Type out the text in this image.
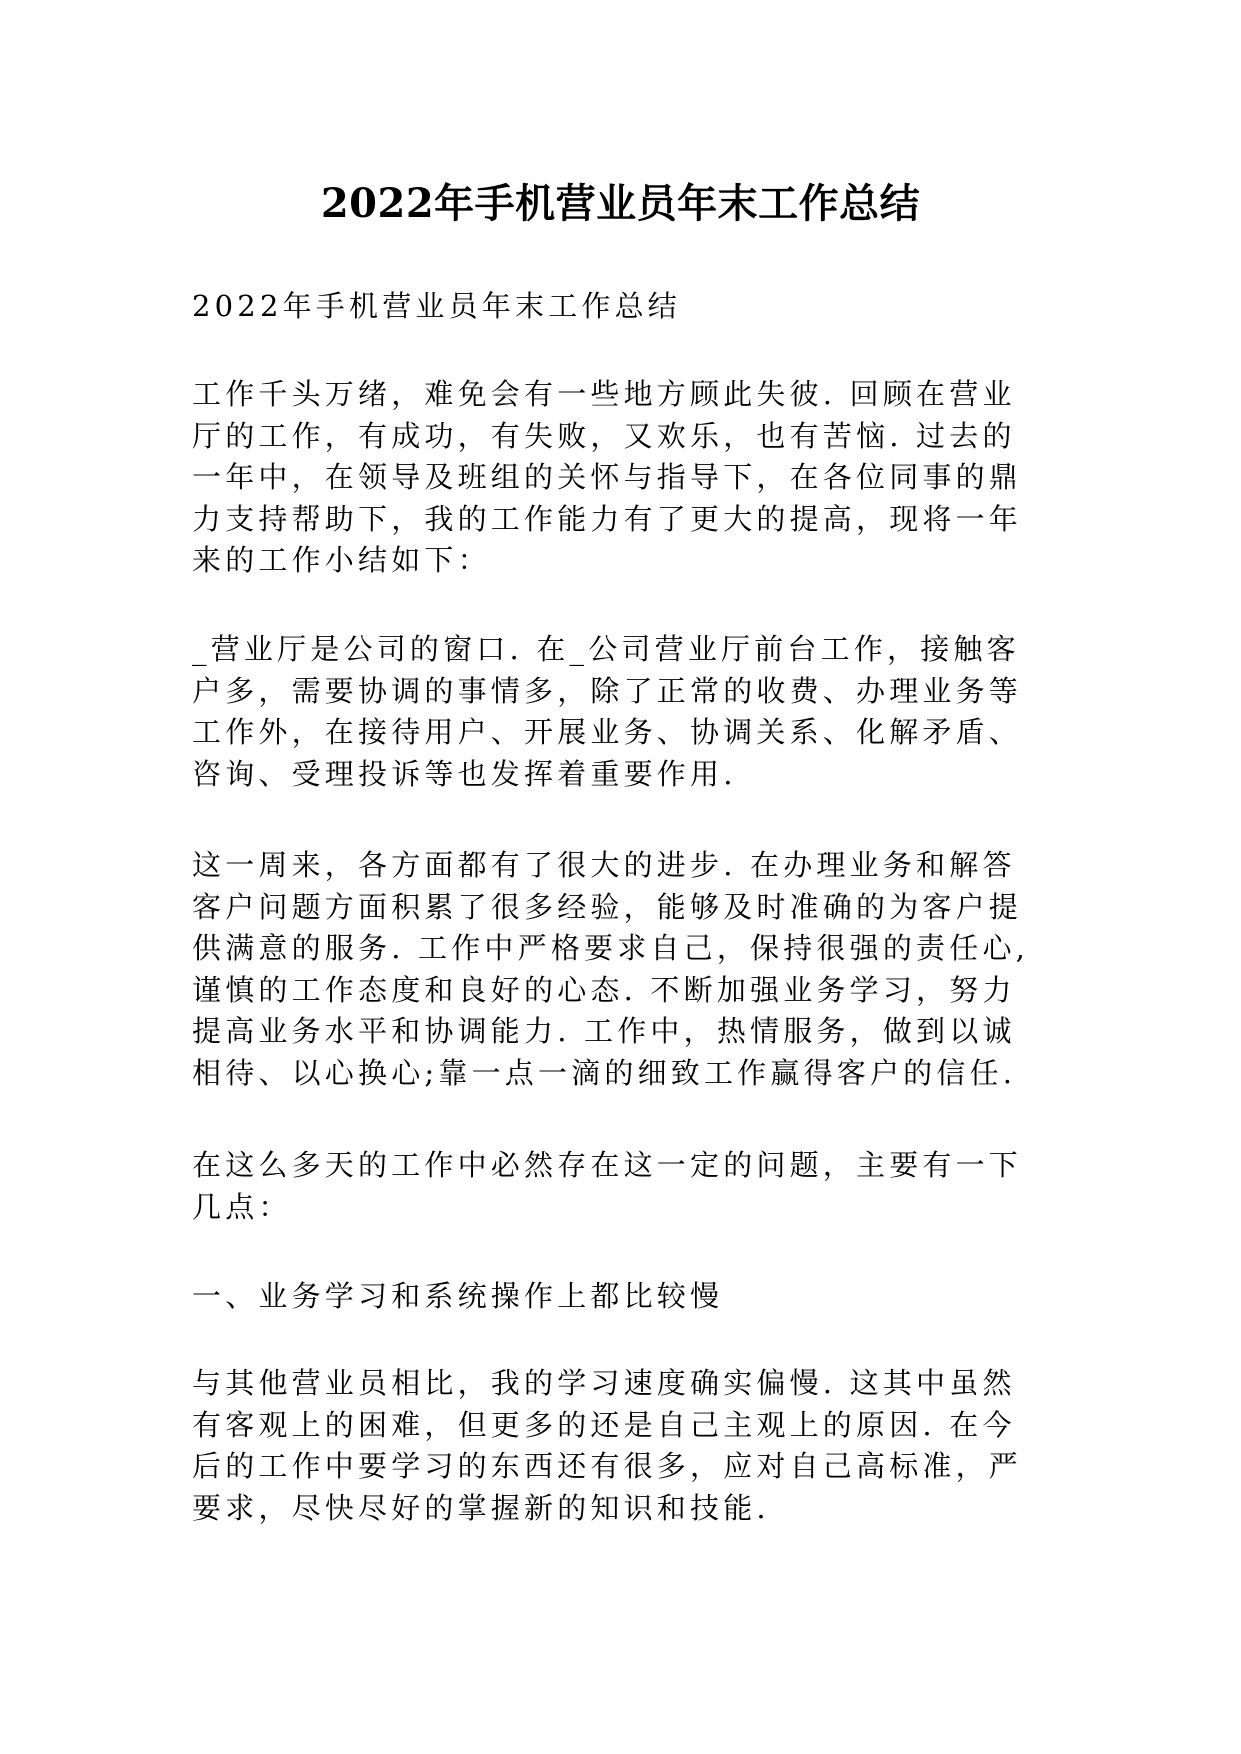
2022年手机营业员年末工作总结

2022年手机营业员年末工作总结

工作千头万绪，难免会有一些地方顾此失彼. 回顾在营业
厅的工作，有成功，有失败，又欢乐，也有苦恼. 过去的
一年中，在领导及班组的关怀与指导下，在各位同事的鼎
力支持帮助下，我的工作能力有了更大的提高，现将一年
来的工作小结如下：

_营业厅是公司的窗口. 在_公司营业厅前台工作，接触客
户多，需要协调的事情多，除了正常的收费、办理业务等
工作外，在接待用户、开展业务、协调关系、化解矛盾、
咨询、受理投诉等也发挥着重要作用.

这一周来，各方面都有了很大的进步. 在办理业务和解答
客户问题方面积累了很多经验，能够及时准确的为客户提
供满意的服务. 工作中严格要求自己，保持很强的责任心,
谨慎的工作态度和良好的心态. 不断加强业务学习，努力
提高业务水平和协调能力. 工作中，热情服务，做到以诚
相待、以心换心;靠一点一滴的细致工作赢得客户的信任.

在这么多天的工作中必然存在这一定的问题，主要有一下
几点：

一、业务学习和系统操作上都比较慢

与其他营业员相比，我的学习速度确实偏慢. 这其中虽然
有客观上的困难，但更多的还是自己主观上的原因. 在今
后的工作中要学习的东西还有很多，应对自己高标准，严
要求，尽快尽好的掌握新的知识和技能.
